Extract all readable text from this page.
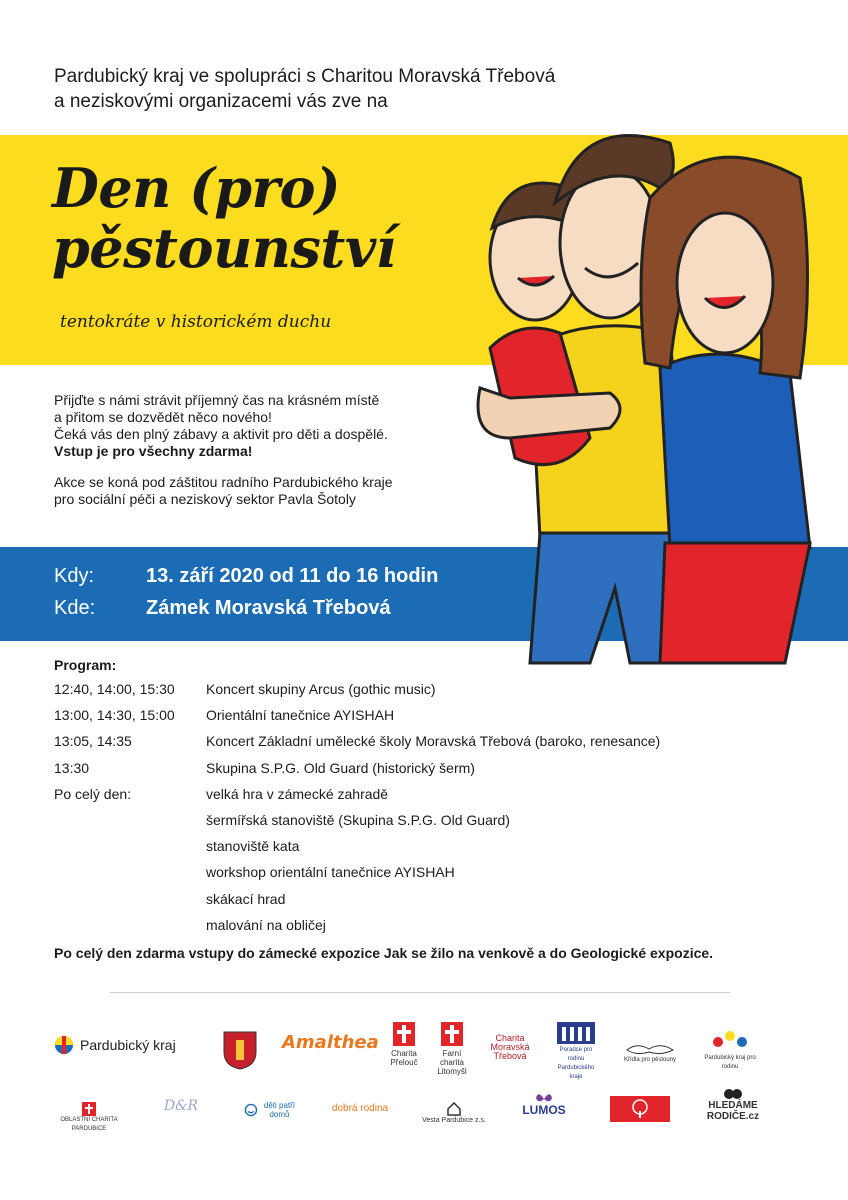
Pardubický kraj ve spolupráci s Charitou Moravská Třebová
a neziskovými organizacemi vás zve na
Den (pro)
pěstounství
tentokráte v historickém duchu
Kdy:	13. září 2020 od 11 do 16 hodin
Kde:	Zámek Moravská Třebová

Přijďte s námi strávit příjemný čas na krásném místě

a přitom se dozvědět něco nového!

Čeká vás den plný zábavy a aktivit pro děti a dospělé.

Vstup je pro všechny zdarma!

Akce se koná pod záštitou radního Pardubického kraje

pro sociální péči a neziskový sektor Pavla Šotoly

Program:
12:40, 14:00, 15:30 Koncert skupiny Arcus (gothic music)
13:00, 14:30, 15:00 Orientální tanečnice AYISHAH
13:05, 14:35	Koncert Základní umělecké školy Moravská Třebová (baroko, renesance)
13:30	Skupina S.P.G. Old Guard (historický šerm)
Po celý den:	velká hra v zámecké zahradě
šermířská stanoviště (Skupina S.P.G. Old Guard)
stanoviště kata
workshop orientální tanečnice AYISHAH
skákací hrad
malování na obličej
Po celý den zdarma vstupy do zámecké expozice Jak se žilo na venkově a do Geologické expozice.
Pardubický kraj	Amalthea
Charita Přelouč
Farní charita Litomyšl
Charita Moravská Třebová
Poradce pro rodinu Pardubického kraje
Křídla pro pěstouny	Pardubický kraj pro rodinu
OBLASTNÍ CHARITA PARDUBICE
D&R	děti patří domů
dobrá rodina
Vesta Pardubice z.s.
LUMOS	HLEDÁME RODIČE.cz
